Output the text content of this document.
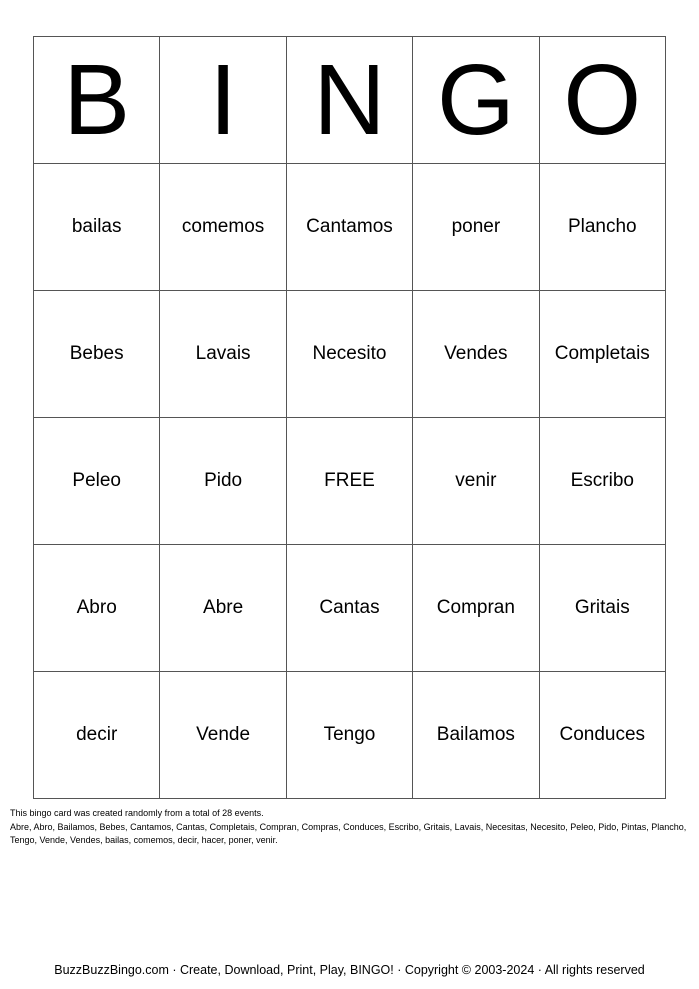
B	I	N	G	O
bailas	comemos	Cantamos	poner	Plancho
Bebes	Lavais	Necesito	Vendes	Completais
Peleo	Pido	FREE	venir	Escribo
Abro	Abre	Cantas	Compran	Gritais
decir	Vende	Tengo	Bailamos	Conduces

This bingo card was created randomly from a total of 28 events.

Abre, Abro, Bailamos, Bebes, Cantamos, Cantas, Completais, Compran, Compras, Conduces, Escribo, Gritais, Lavais, Necesitas, Necesito, Peleo, Pido, Pintas, Plancho, Tengo, Vende, Vendes, bailas, comemos, decir, hacer, poner, venir.

BuzzBuzzBingo.com · Create, Download, Print, Play, BINGO! · Copyright © 2003-2024 · All rights reserved
